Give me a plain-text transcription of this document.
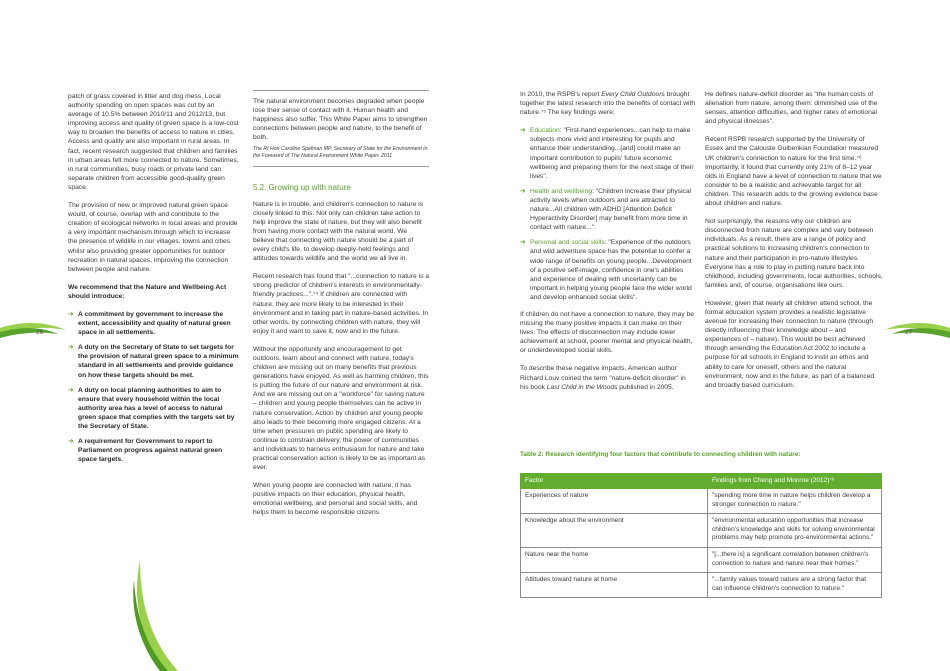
26	27

patch of grass covered in litter and dog mess. Local authority spending on open spaces was cut by an average of 10.5% between 2010/11 and 2012/13, but improving access and quality of green space is a low-cost way to broaden the benefits of access to nature in cities. Access and quality are also important in rural areas. In fact, recent research suggested that children and families in urban areas felt more connected to nature. Sometimes, in rural communities, busy roads or private land can separate children from accessible good-quality green space.

The provision of new or improved natural green space would, of course, overlap with and contribute to the creation of ecological networks in local areas and provide a very important mechanism through which to increase the presence of wildlife in our villages, towns and cities whilst also providing greater opportunities for outdoor recreation in natural spaces, improving the connection between people and nature.

We recommend that the Nature and Wellbeing Act should introduce:

➔ A commitment by government to increase the extent, accessibility and quality of natural green space in all settlements.
➔ A duty on the Secretary of State to set targets for the provision of natural green space to a minimum standard in all settlements and provide guidance on how these targets should be met.
➔ A duty on local planning authorities to aim to ensure that every household within the local authority area has a level of access to natural green space that complies with the targets set by the Secretary of State.
➔ A requirement for Government to report to Parliament on progress against natural green space targets.
The natural environment becomes degraded when people lose their sense of contact with it. Human health and happiness also suffer. This White Paper aims to strengthen connections between people and nature, to the benefit of both.
The Rt Hon Caroline Spelman MP, Secretary of State for the Environment in the Foreword of The Natural Environment White Paper, 2011
5.2. Growing up with nature

Nature is in trouble, and children's connection to nature is closely linked to this. Not only can children take action to help improve the state of nature, but they will also benefit from having more contact with the natural world. We believe that connecting with nature should be a part of every child's life, to develop deeply-held feelings and attitudes towards wildlife and the world we all live in.

Recent research has found that "...connection to nature is a strong predictor of children's interests in environmentally-friendly practices...".⁷⁴ If children are connected with nature, they are more likely to be interested in their environment and in taking part in nature-based activities. In other words, by connecting children with nature, they will enjoy it and want to save it, now and in the future.

Without the opportunity and encouragement to get outdoors, learn about and connect with nature, today's children are missing out on many benefits that previous generations have enjoyed. As well as harming children, this is putting the future of our nature and environment at risk. And we are missing out on a "workforce" for saving nature – children and young people themselves can be active in nature conservation. Action by children and young people also leads to their becoming more engaged citizens. At a time when pressures on public spending are likely to continue to constrain delivery, the power of communities and individuals to harness enthusiasm for nature and take practical conservation action is likely to be as important as ever.

When young people are connected with nature, it has positive impacts on their education, physical health, emotional wellbeing, and personal and social skills, and helps them to become responsible citizens.

In 2010, the RSPB's report Every Child Outdoors brought together the latest research into the benefits of contact with nature.⁷⁵ The key findings were:

➔ Education: "First-hand experiences...can help to make subjects more vivid and interesting for pupils and enhance their understanding...[and] could make an important contribution to pupils' future economic wellbeing and preparing them for the next stage of their lives".
➔ Health and wellbeing: "Children increase their physical activity levels when outdoors and are attracted to nature...All children with ADHD [Attention Deficit Hyperactivity Disorder] may benefit from more time in contact with nature...".
➔ Personal and social skills: "Experience of the outdoors and wild adventure space has the potential to confer a wide range of benefits on young people...Development of a positive self-image, confidence in one's abilities and experience of dealing with uncertainty can be important in helping young people face the wider world and develop enhanced social skills".

If children do not have a connection to nature, they may be missing the many positive impacts it can make on their lives. The effects of disconnection may include lower achievement at school, poorer mental and physical health, or underdeveloped social skills.

To describe these negative impacts, American author Richard Louv coined the term "nature-deficit disorder" in his book Last Child in the Woods published in 2005.

He defines nature-deficit disorder as "the human costs of alienation from nature, among them: diminished use of the senses, attention difficulties, and higher rates of emotional and physical illnesses".

Recent RSPB research supported by the University of Essex and the Calouste Gulbenkian Foundation measured UK children's connection to nature for the first time.⁷⁶ Importantly, it found that currently only 21% of 8–12 year olds in England have a level of connection to nature that we consider to be a realistic and achievable target for all children. This research adds to the growing evidence base about children and nature.

Not surprisingly, the reasons why our children are disconnected from nature are complex and vary between individuals. As a result, there are a range of policy and practical solutions to increasing children's connection to nature and their participation in pro-nature lifestyles. Everyone has a role to play in putting nature back into childhood, including governments, local authorities, schools, families and, of course, organisations like ours.

However, given that nearly all children attend school, the formal education system provides a realistic legislative avenue for increasing their connection to nature (through directly influencing their knowledge about – and experiences of – nature). This would be best achieved through amending the Education Act 2002 to include a purpose for all schools in England to instil an ethos and ability to care for oneself, others and the natural environment, now and in the future, as part of a balanced and broadly based curriculum.

Table 2: Research identifying four factors that contribute to connecting children with nature:
Factor	Findings from Cheng and Monroe (2012)⁷⁶
Experiences of nature	"spending more time in nature helps children develop a stronger connection to nature."
Knowledge about the environment	"environmental education opportunities that increase children's knowledge and skills for solving environmental problems may help promote pro-environmental actions."
Nature near the home	"[...there is] a significant correlation between children's connection to nature and nature near their homes."
Attitudes toward nature at home	"...family values toward nature are a strong factor that can influence children's connection to nature."
